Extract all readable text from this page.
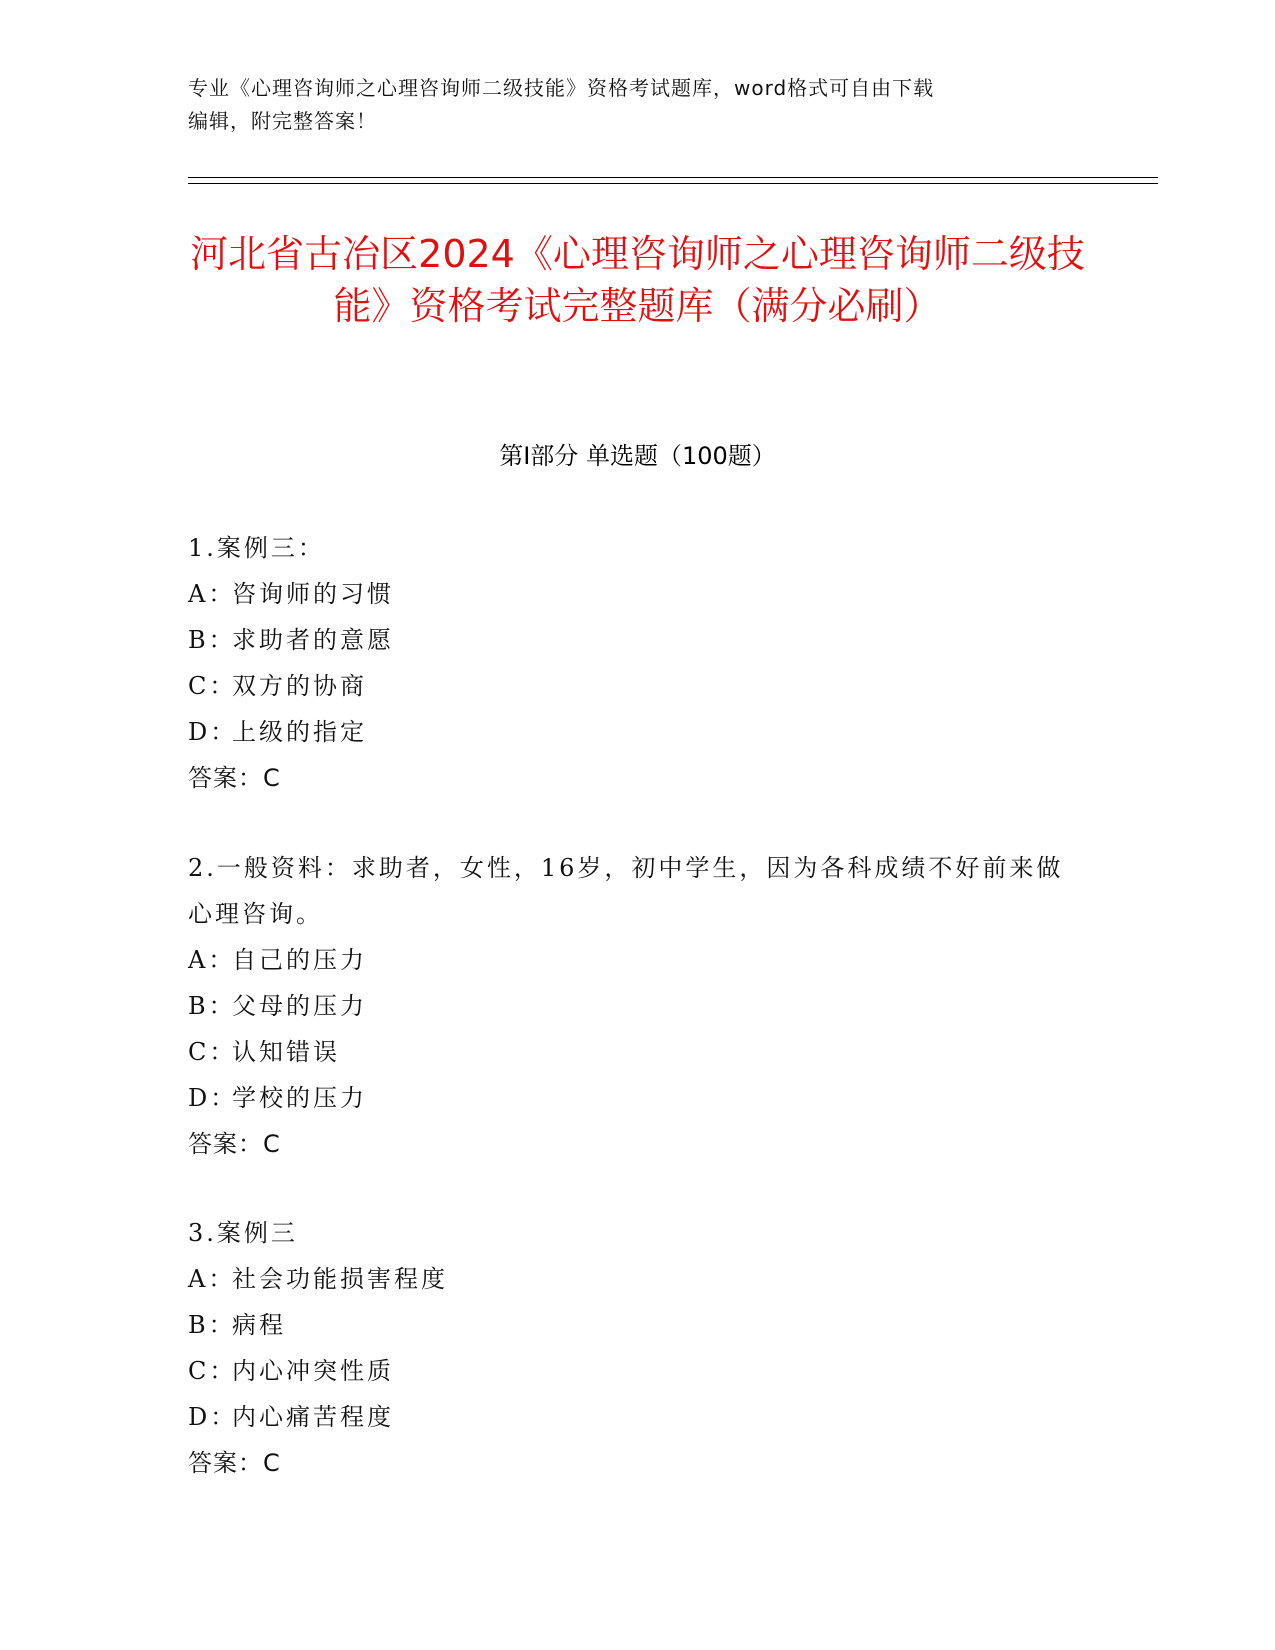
专业《心理咨询师之心理咨询师二级技能》资格考试题库，word格式可自由下载
编辑，附完整答案！
河北省古冶区2024《心理咨询师之心理咨询师二级技能》资格考试完整题库（满分必刷）
第I部分 单选题（100题）
1.案例三：
A：咨询师的习惯
B：求助者的意愿
C：双方的协商
D：上级的指定
答案：C
2.一般资料：求助者，女性，16岁，初中学生，因为各科成绩不好前来做心理咨询。
A：自己的压力
B：父母的压力
C：认知错误
D：学校的压力
答案：C
3.案例三
A：社会功能损害程度
B：病程
C：内心冲突性质
D：内心痛苦程度
答案：C
